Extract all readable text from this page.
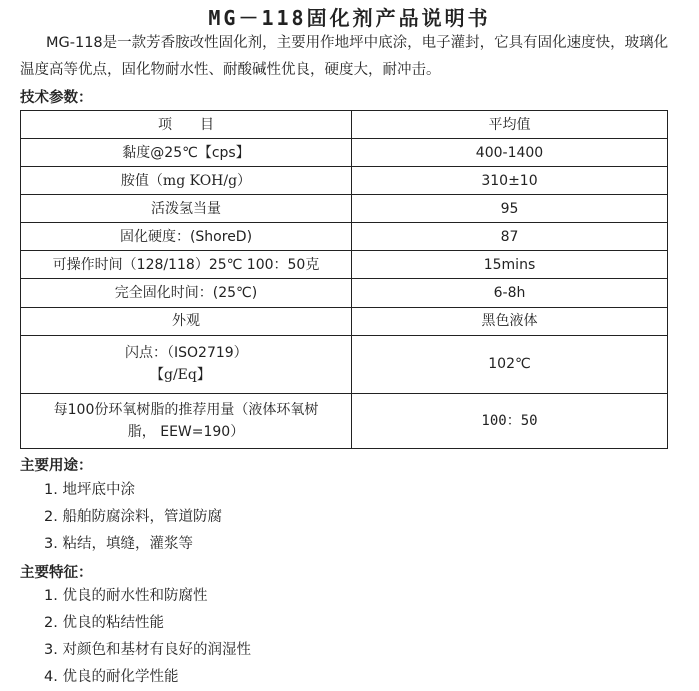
MG－118固化剂产品说明书

MG-118是一款芳香胺改性固化剂，主要用作地坪中底涂，电子灌封，它具有固化速度快，玻璃化温度高等优点，固化物耐水性、耐酸碱性优良，硬度大，耐冲击。

技术参数：

项　　目	平均值
黏度@25℃【cps】	400-1400
胺值（mg KOH/g）	310±10
活泼氢当量	95
固化硬度：(ShoreD)	87
可操作时间（128/118）25℃ 100：50克	15mins
完全固化时间：(25℃)	6-8h
外观	黑色液体

闪点：（ISO2719）
【g/Eq】	102℃

每100份环氧树脂的推荐用量（液体环氧树
脂， EEW=190）	100：50

主要用途：

1. 地坪底中涂
2. 船舶防腐涂料，管道防腐
3. 粘结，填缝，灌浆等

主要特征：

1. 优良的耐水性和防腐性
2. 优良的粘结性能
3. 对颜色和基材有良好的润湿性
4. 优良的耐化学性能
